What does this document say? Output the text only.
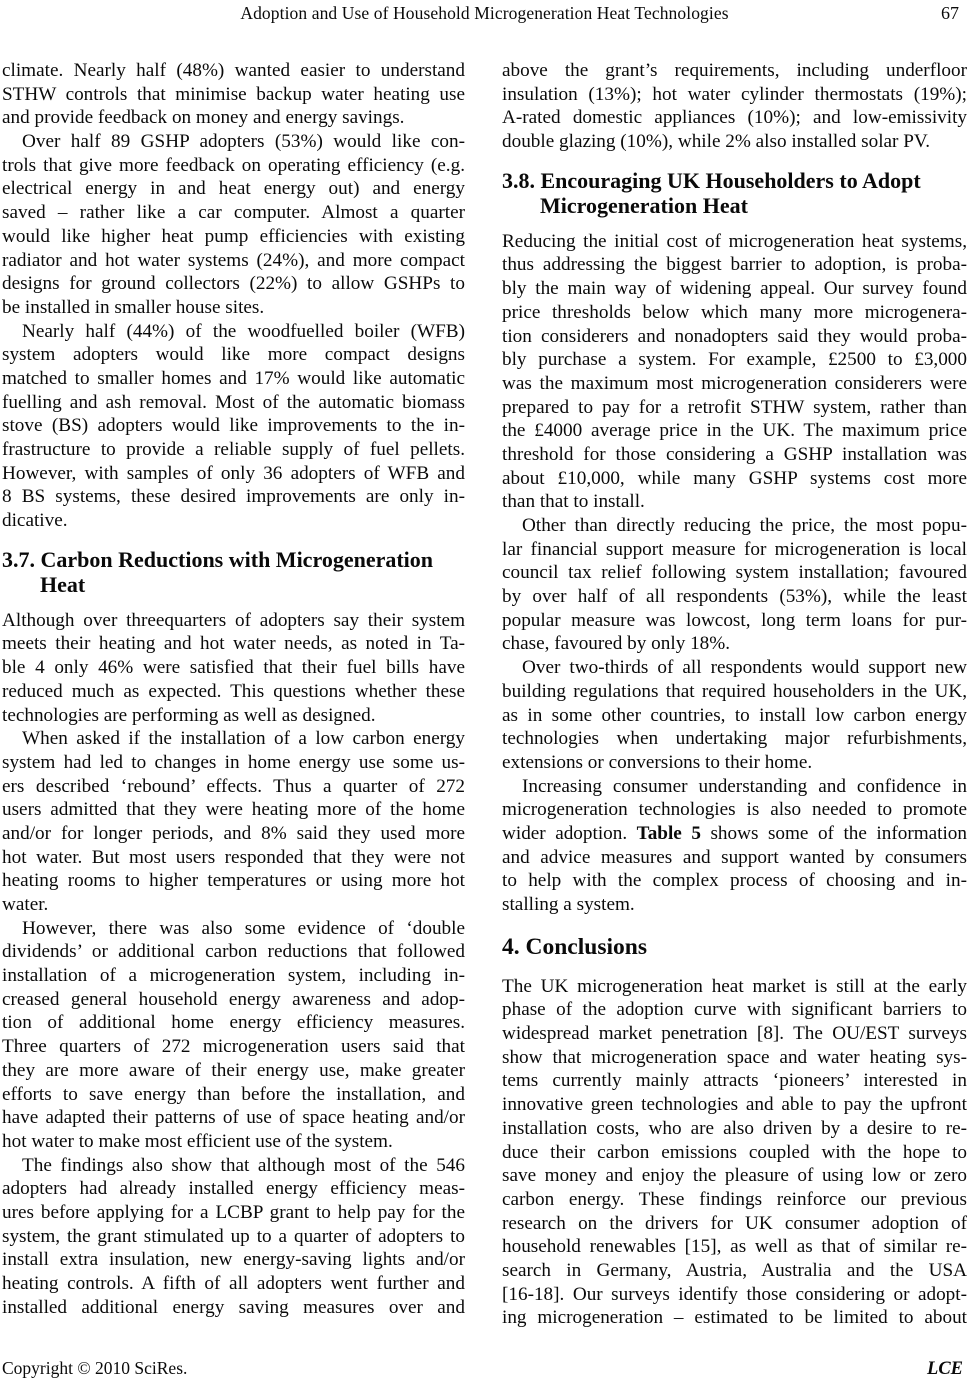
Adoption and Use of Household Microgeneration Heat Technologies	67
climate. Nearly half (48%) wanted easier to understand
STHW controls that minimise backup water heating use
and provide feedback on money and energy savings.
Over half 89 GSHP adopters (53%) would like con-
trols that give more feedback on operating efficiency (e.g.
electrical energy in and heat energy out) and energy
saved – rather like a car computer. Almost a quarter
would like higher heat pump efficiencies with existing
radiator and hot water systems (24%), and more compact
designs for ground collectors (22%) to allow GSHPs to
be installed in smaller house sites.
Nearly half (44%) of the woodfuelled boiler (WFB)
system adopters would like more compact designs
matched to smaller homes and 17% would like automatic
fuelling and ash removal. Most of the automatic biomass
stove (BS) adopters would like improvements to the in-
frastructure to provide a reliable supply of fuel pellets.
However, with samples of only 36 adopters of WFB and
8 BS systems, these desired improvements are only in-
dicative.
3.7. Carbon Reductions with Microgeneration
Heat
Although over threequarters of adopters say their system
meets their heating and hot water needs, as noted in Ta-
ble 4 only 46% were satisfied that their fuel bills have
reduced much as expected. This questions whether these
technologies are performing as well as designed.
When asked if the installation of a low carbon energy
system had led to changes in home energy use some us-
ers described ‘rebound’ effects. Thus a quarter of 272
users admitted that they were heating more of the home
and/or for longer periods, and 8% said they used more
hot water. But most users responded that they were not
heating rooms to higher temperatures or using more hot
water.
However, there was also some evidence of ‘double
dividends’ or additional carbon reductions that followed
installation of a microgeneration system, including in-
creased general household energy awareness and adop-
tion of additional home energy efficiency measures.
Three quarters of 272 microgeneration users said that
they are more aware of their energy use, make greater
efforts to save energy than before the installation, and
have adapted their patterns of use of space heating and/or
hot water to make most efficient use of the system.
The findings also show that although most of the 546
adopters had already installed energy efficiency meas-
ures before applying for a LCBP grant to help pay for the
system, the grant stimulated up to a quarter of adopters to
install extra insulation, new energy-saving lights and/or
heating controls. A fifth of all adopters went further and
installed additional energy saving measures over and
above the grant’s requirements, including underfloor
insulation (13%); hot water cylinder thermostats (19%);
A-rated domestic appliances (10%); and low-emissivity
double glazing (10%), while 2% also installed solar PV.
3.8. Encouraging UK Householders to Adopt
Microgeneration Heat
Reducing the initial cost of microgeneration heat systems,
thus addressing the biggest barrier to adoption, is proba-
bly the main way of widening appeal. Our survey found
price thresholds below which many more microgenera-
tion considerers and nonadopters said they would proba-
bly purchase a system. For example, £2500 to £3,000
was the maximum most microgeneration considerers were
prepared to pay for a retrofit STHW system, rather than
the £4000 average price in the UK. The maximum price
threshold for those considering a GSHP installation was
about £10,000, while many GSHP systems cost more
than that to install.
Other than directly reducing the price, the most popu-
lar financial support measure for microgeneration is local
council tax relief following system installation; favoured
by over half of all respondents (53%), while the least
popular measure was lowcost, long term loans for pur-
chase, favoured by only 18%.
Over two-thirds of all respondents would support new
building regulations that required householders in the UK,
as in some other countries, to install low carbon energy
technologies when undertaking major refurbishments,
extensions or conversions to their home.
Increasing consumer understanding and confidence in
microgeneration technologies is also needed to promote
wider adoption. Table 5 shows some of the information
and advice measures and support wanted by consumers
to help with the complex process of choosing and in-
stalling a system.
4. Conclusions
The UK microgeneration heat market is still at the early
phase of the adoption curve with significant barriers to
widespread market penetration [8]. The OU/EST surveys
show that microgeneration space and water heating sys-
tems currently mainly attracts ‘pioneers’ interested in
innovative green technologies and able to pay the upfront
installation costs, who are also driven by a desire to re-
duce their carbon emissions coupled with the hope to
save money and enjoy the pleasure of using low or zero
carbon energy. These findings reinforce our previous
research on the drivers for UK consumer adoption of
household renewables [15], as well as that of similar re-
search in Germany, Austria, Australia and the USA
[16-18]. Our surveys identify those considering or adopt-
ing microgeneration – estimated to be limited to about
Copyright © 2010 SciRes.	LCE
